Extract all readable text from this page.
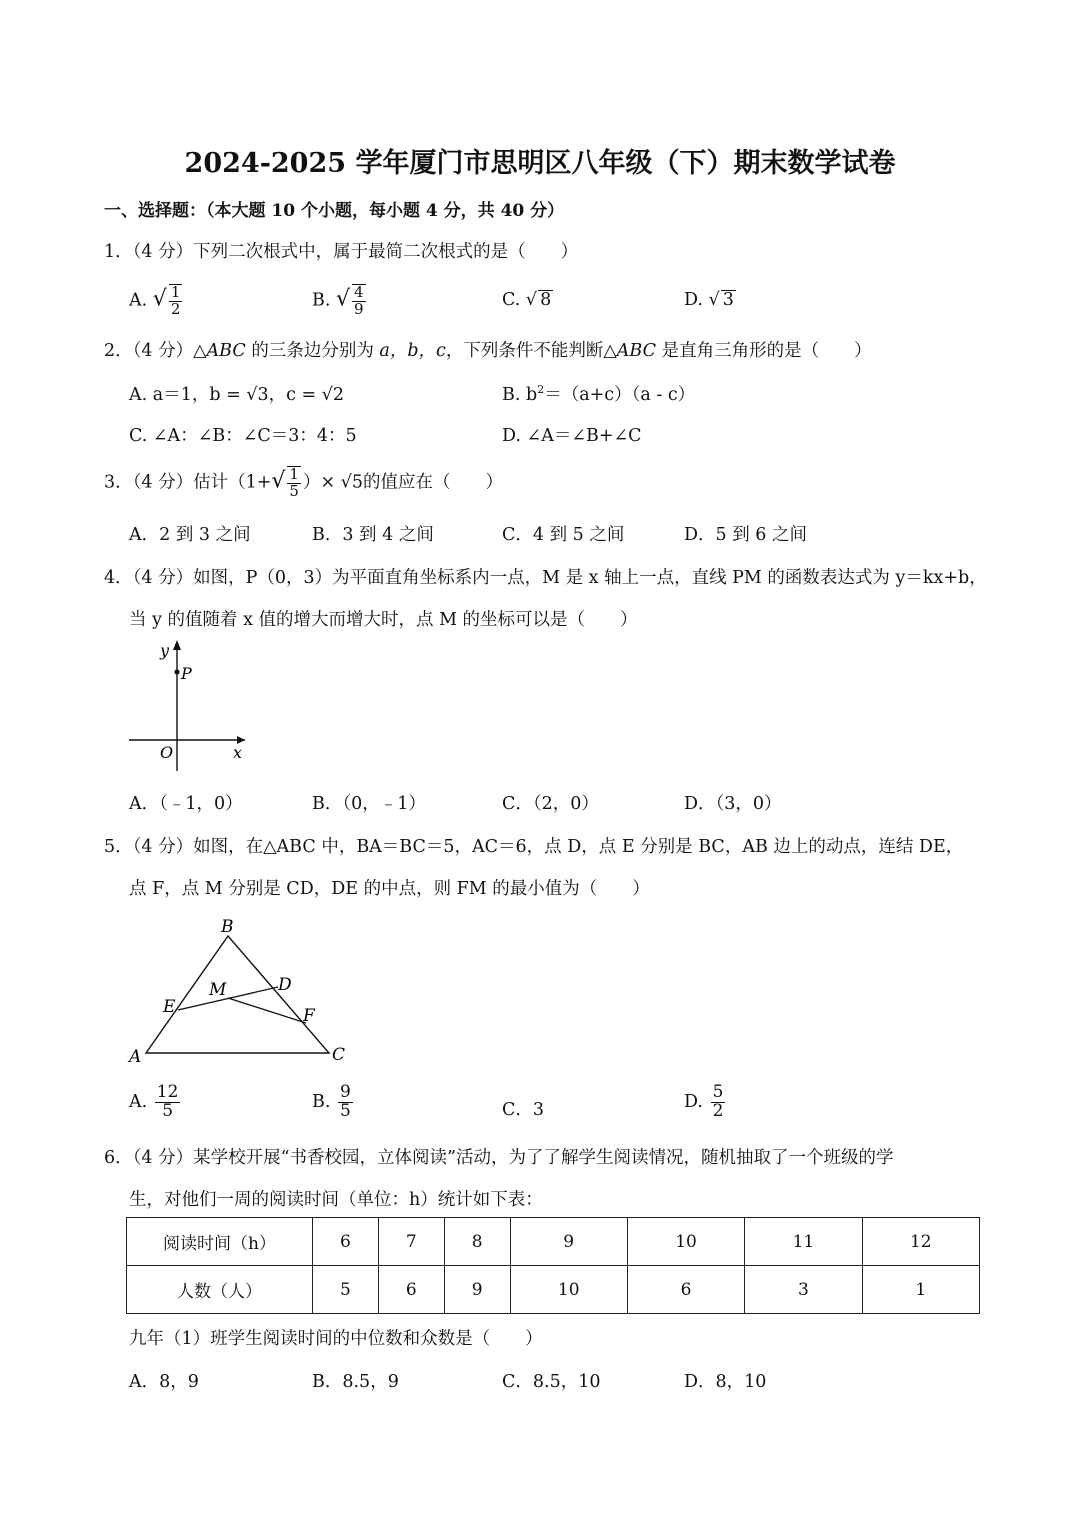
2024-2025 学年厦门市思明区八年级（下）期末数学试卷
一、选择题：（本大题 10 个小题，每小题 4 分，共 40 分）
1．（4 分）下列二次根式中，属于最简二次根式的是（　　）
A. √ $\frac{1}{2}$	B. √ $\frac{4}{9}$	C. √ 8	D. √ 3
2．（4 分）△ABC 的三条边分别为 a，b，c，下列条件不能判断△ABC 是直角三角形的是（　　）
A. a＝1，b = √3，c = √2	B. $b^2=(a+c)(a - c)$
C. ∠A：∠B：∠C＝3：4：5	D. ∠A＝∠B+∠C
3．（4 分）估计（$1+√ \frac{1}{5}$ ）× √5的值应在（　　）
A．2 到 3 之间	B．3 到 4 之间	C．4 到 5 之间	D．5 到 6 之间
4．（4 分）如图，P（0，3）为平面直角坐标系内一点，M 是 x 轴上一点，直线 PM 的函数表达式为 y＝kx+b，
当 y 的值随着 x 值的增大而增大时，点 M 的坐标可以是（　　）
y
P
O	x
A．（﹣1，0）	B．（0，﹣1）	C．（2，0）	D．（3，0）
5．（4 分）如图，在△ABC 中，BA＝BC＝5，AC＝6，点 D，点 E 分别是 BC，AB 边上的动点，连结 DE，
点 F，点 M 分别是 CD，DE 的中点，则 FM 的最小值为（　　）
B
D
M
E	F
A	C
A. $\frac{12}{5}$	B. $\frac{9}{5}$	C．3	D. $\frac{5}{2}$
6．（4 分）某学校开展“书香校园，立体阅读”活动，为了了解学生阅读情况，随机抽取了一个班级的学
生，对他们一周的阅读时间（单位：h）统计如下表：
阅读时间（h）	6	7	8	9	10	11	12
人数（人）	5	6	9	10	6	3	1
九年（1）班学生阅读时间的中位数和众数是（　　）
A．8，9	B．8.5，9	C．8.5，10	D．8，10
